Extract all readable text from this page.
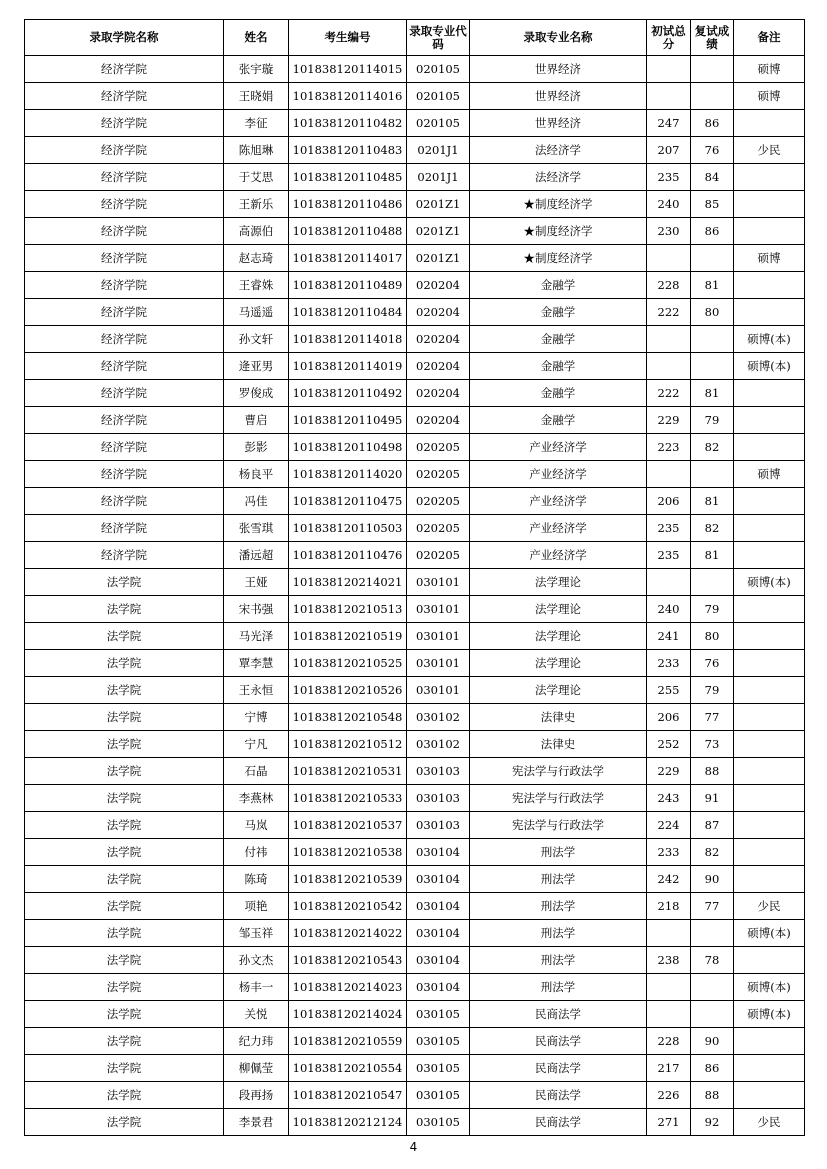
录取学院名称	姓名	考生编号	录取专业代码	录取专业名称	初试总分	复试成绩	备注
经济学院	张宇璇	101838120114015	020105	世界经济			硕博
经济学院	王晓娟	101838120114016	020105	世界经济			硕博
经济学院	李征	101838120110482	020105	世界经济	247	86	
经济学院	陈旭琳	101838120110483	0201J1	法经济学	207	76	少民
经济学院	于艾思	101838120110485	0201J1	法经济学	235	84	
经济学院	王新乐	101838120110486	0201Z1	★制度经济学	240	85	
经济学院	高源伯	101838120110488	0201Z1	★制度经济学	230	86	
经济学院	赵志琦	101838120114017	0201Z1	★制度经济学			硕博
经济学院	王睿姝	101838120110489	020204	金融学	228	81	
经济学院	马遥遥	101838120110484	020204	金融学	222	80	
经济学院	孙文轩	101838120114018	020204	金融学			硕博(本)
经济学院	逄亚男	101838120114019	020204	金融学			硕博(本)
经济学院	罗俊成	101838120110492	020204	金融学	222	81	
经济学院	曹启	101838120110495	020204	金融学	229	79	
经济学院	彭影	101838120110498	020205	产业经济学	223	82	
经济学院	杨良平	101838120114020	020205	产业经济学			硕博
经济学院	冯佳	101838120110475	020205	产业经济学	206	81	
经济学院	张雪琪	101838120110503	020205	产业经济学	235	82	
经济学院	潘远超	101838120110476	020205	产业经济学	235	81	
法学院	王娅	101838120214021	030101	法学理论			硕博(本)
法学院	宋书强	101838120210513	030101	法学理论	240	79	
法学院	马光泽	101838120210519	030101	法学理论	241	80	
法学院	覃李慧	101838120210525	030101	法学理论	233	76	
法学院	王永恒	101838120210526	030101	法学理论	255	79	
法学院	宁博	101838120210548	030102	法律史	206	77	
法学院	宁凡	101838120210512	030102	法律史	252	73	
法学院	石晶	101838120210531	030103	宪法学与行政法学	229	88	
法学院	李燕林	101838120210533	030103	宪法学与行政法学	243	91	
法学院	马岚	101838120210537	030103	宪法学与行政法学	224	87	
法学院	付祎	101838120210538	030104	刑法学	233	82	
法学院	陈琦	101838120210539	030104	刑法学	242	90	
法学院	项艳	101838120210542	030104	刑法学	218	77	少民
法学院	邹玉祥	101838120214022	030104	刑法学			硕博(本)
法学院	孙文杰	101838120210543	030104	刑法学	238	78	
法学院	杨丰一	101838120214023	030104	刑法学			硕博(本)
法学院	关悦	101838120214024	030105	民商法学			硕博(本)
法学院	纪力玮	101838120210559	030105	民商法学	228	90	
法学院	柳佩莹	101838120210554	030105	民商法学	217	86	
法学院	段再扬	101838120210547	030105	民商法学	226	88	
法学院	李景君	101838120212124	030105	民商法学	271	92	少民
4
